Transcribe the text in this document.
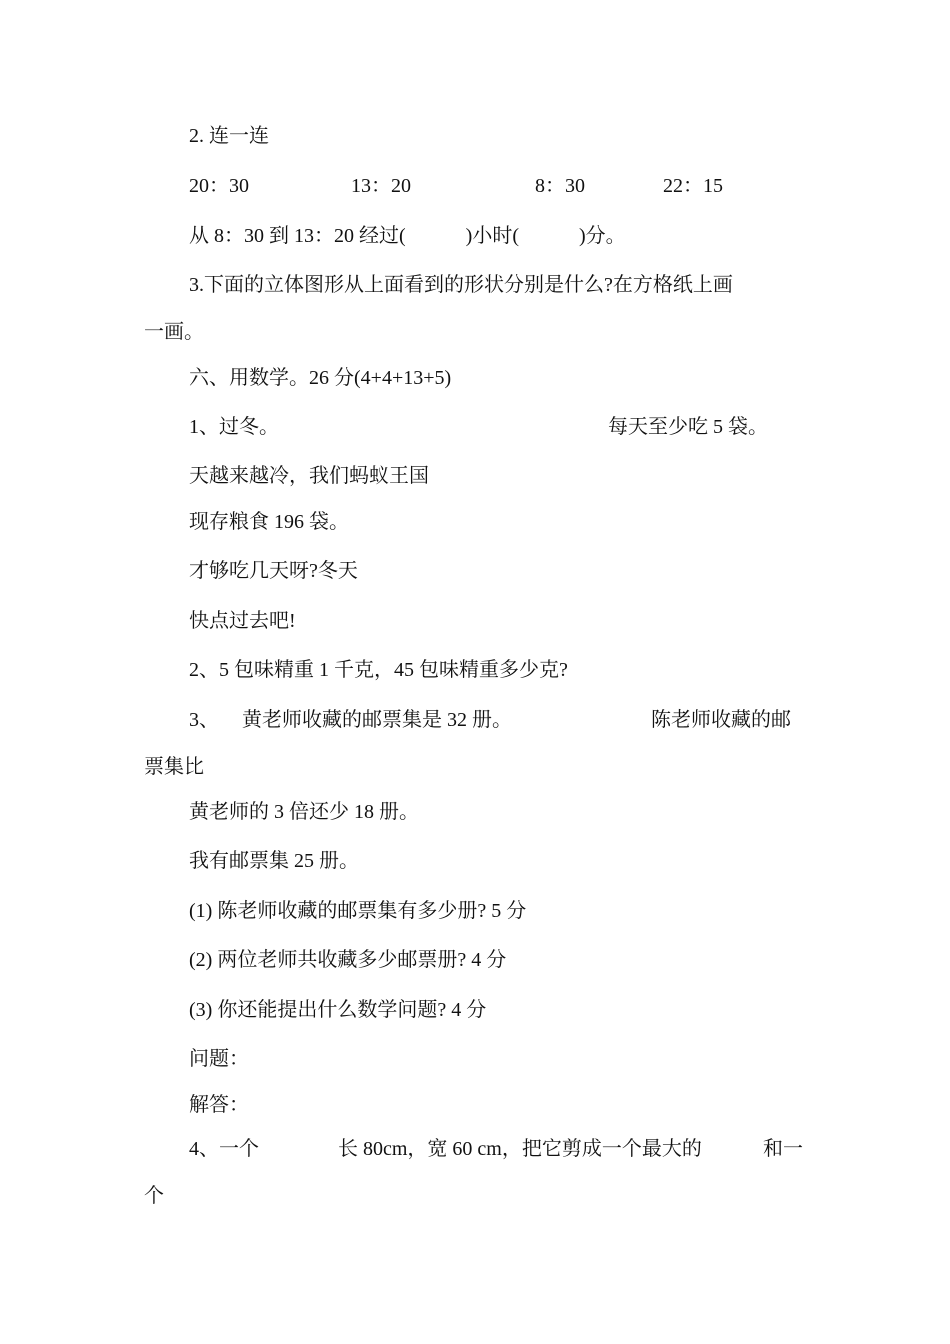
2. 连一连
20：30	13：20	8：30	22：15
从 8：30 到 13：20 经过(　　　)小时(　　　)分。
3.下面的立体图形从上面看到的形状分别是什么?在方格纸上画
一画。
六、用数学。26 分(4+4+13+5)
1、过冬。	每天至少吃 5 袋。
天越来越冷，我们蚂蚁王国
现存粮食 196 袋。
才够吃几天呀?冬天
快点过去吧!
2、5 包味精重 1 千克，45 包味精重多少克?
3、 黄老师收藏的邮票集是 32 册。	陈老师收藏的邮
票集比
黄老师的 3 倍还少 18 册。
我有邮票集 25 册。
(1) 陈老师收藏的邮票集有多少册? 5 分
(2) 两位老师共收藏多少邮票册? 4 分
(3) 你还能提出什么数学问题? 4 分
问题：
解答：
4、一个	长 80cm，宽 60 cm，把它剪成一个最大的	和一
个
